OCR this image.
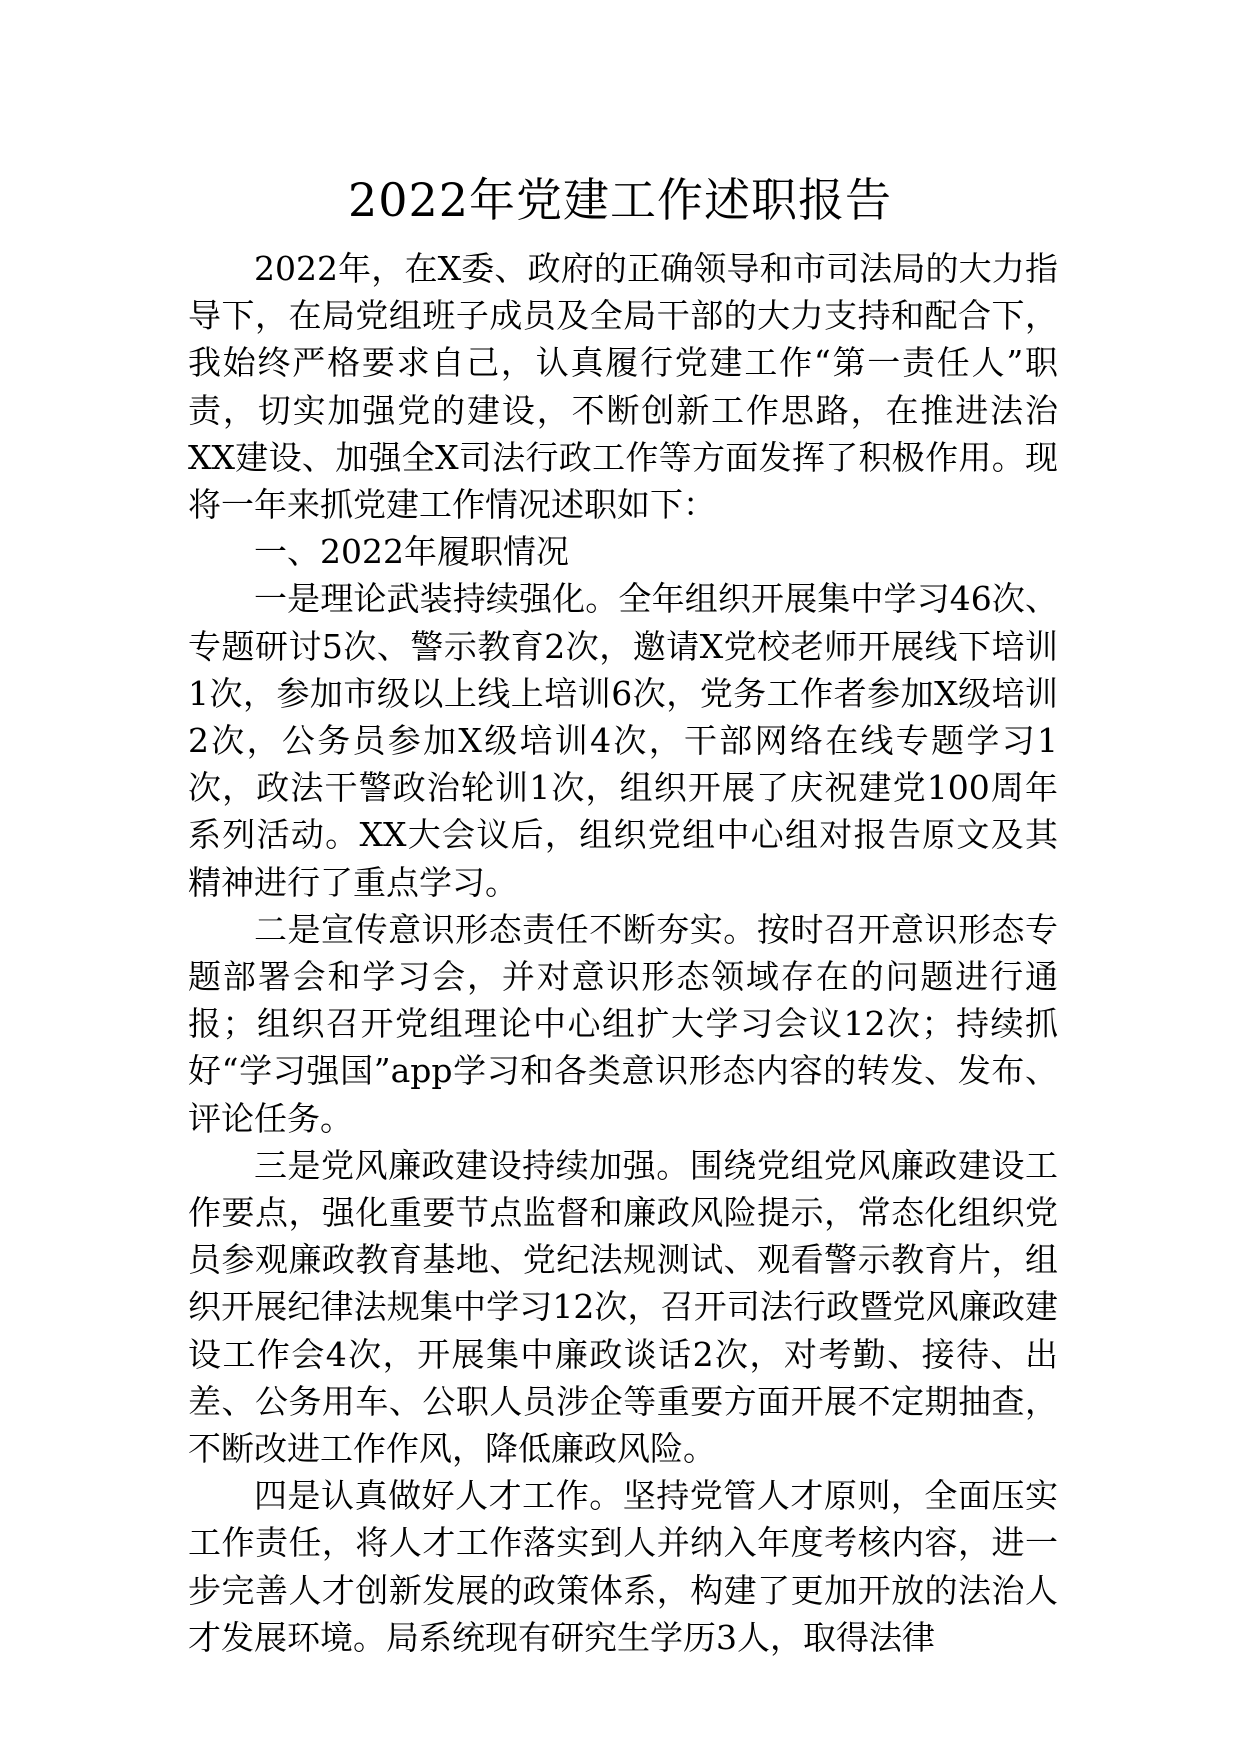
2022年党建工作述职报告

2022年，在X委、政府的正确领导和市司法局的大力指导下，在局党组班子成员及全局干部的大力支持和配合下，我始终严格要求自己，认真履行党建工作“第一责任人”职责，切实加强党的建设，不断创新工作思路，在推进法治XX建设、加强全X司法行政工作等方面发挥了积极作用。现将一年来抓党建工作情况述职如下：

一、2022年履职情况

一是理论武装持续强化。全年组织开展集中学习46次、专题研讨5次、警示教育2次，邀请X党校老师开展线下培训1次，参加市级以上线上培训6次，党务工作者参加X级培训2次，公务员参加X级培训4次，干部网络在线专题学习1次，政法干警政治轮训1次，组织开展了庆祝建党100周年系列活动。XX大会议后，组织党组中心组对报告原文及其精神进行了重点学习。

二是宣传意识形态责任不断夯实。按时召开意识形态专题部署会和学习会，并对意识形态领域存在的问题进行通报；组织召开党组理论中心组扩大学习会议12次；持续抓好“学习强国”app学习和各类意识形态内容的转发、发布、评论任务。

三是党风廉政建设持续加强。围绕党组党风廉政建设工作要点，强化重要节点监督和廉政风险提示，常态化组织党员参观廉政教育基地、党纪法规测试、观看警示教育片，组织开展纪律法规集中学习12次，召开司法行政暨党风廉政建设工作会4次，开展集中廉政谈话2次，对考勤、接待、出差、公务用车、公职人员涉企等重要方面开展不定期抽查，不断改进工作作风，降低廉政风险。

四是认真做好人才工作。坚持党管人才原则，全面压实工作责任，将人才工作落实到人并纳入年度考核内容，进一步完善人才创新发展的政策体系，构建了更加开放的法治人才发展环境。局系统现有研究生学历3人，取得法律
